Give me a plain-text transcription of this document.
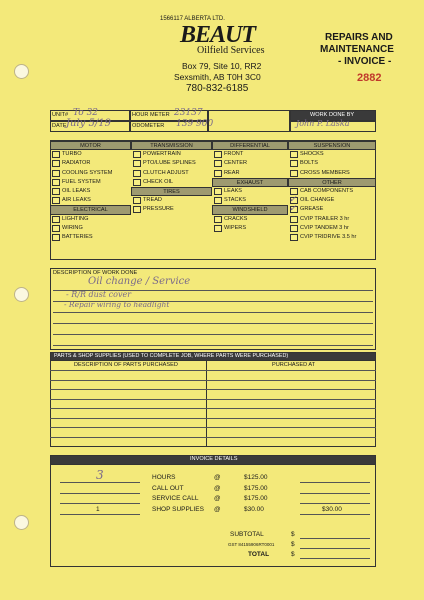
1566117 ALBERTA LTD.
BEAUT
Oilfield Services
Box 79, Site 10, RR2
Sexsmith, AB T0H 3C0
780-832-6185
REPAIRS AND
MAINTENANCE
- INVOICE -
2882
UNIT# To 32
DATE July 5/19
HOUR METER 23137
ODOMETER 139 900
WORK DONE BY
John P. Laska
MOTOR
TURBO
RADIATOR
COOLING SYSTEM
FUEL SYSTEM
OIL LEAKS
AIR LEAKS
ELECTRICAL
LIGHTING
WIRING
BATTERIES
TRANSMISSION
POWERTRAIN
PTO/LUBE SPLINES
CLUTCH ADJUST
CHECK OIL
TIRES
TREAD
PRESSURE
DIFFERENTIAL
FRONT
CENTER
REAR
EXHAUST
LEAKS
STACKS
WINDSHIELD
CRACKS
WIPERS
SUSPENSION
SHOCKS
BOLTS
CROSS MEMBERS
OTHER
CAB COMPONENTS
OIL CHANGE
GREASE
CVIP TRAILER 3 hr
CVIP TANDEM 3 hr
CVIP TRIDRIVE 3.5 hr
✓
✓
DESCRIPTION OF WORK DONE
Oil change / Service
- R/R dust cover
- Repair wiring to headlight
PARTS & SHOP SUPPLIES (USED TO COMPLETE JOB, WHERE PARTS WERE PURCHASED)
DESCRIPTION OF PARTS PURCHASED	PURCHASED AT
INVOICE DETAILS
3	HOURS	@	$125.00
CALL OUT	@	$175.00
SERVICE CALL @	$175.00
1	SHOP SUPPLIES @	$30.00	$30.00
SUBTOTAL	$
GST 84155906RT0001	$
TOTAL	$
